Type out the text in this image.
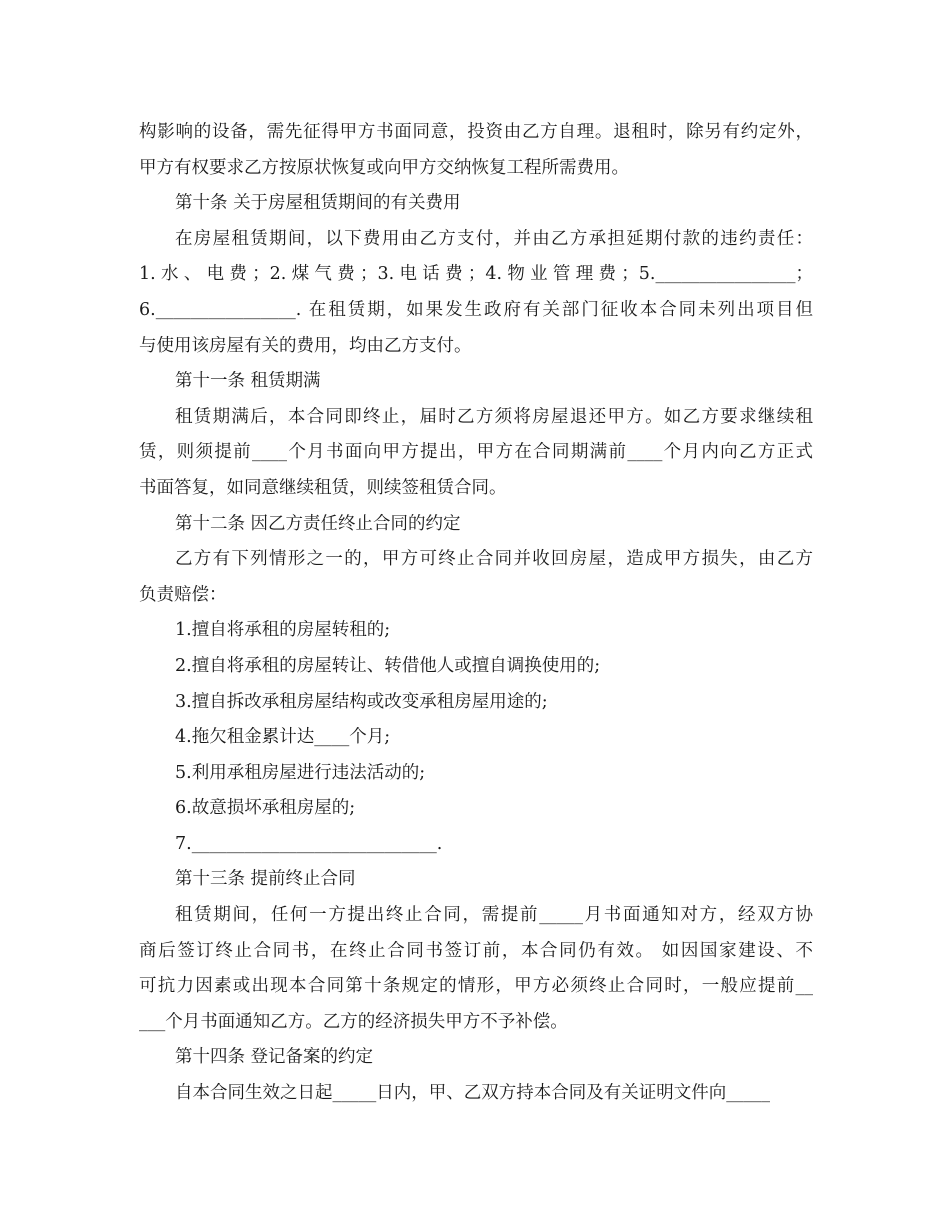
构影响的设备，需先征得甲方书面同意，投资由乙方自理。退租时，除另有约定外，
甲方有权要求乙方按原状恢复或向甲方交纳恢复工程所需费用。
第十条 关于房屋租赁期间的有关费用
在房屋租赁期间，以下费用由乙方支付，并由乙方承担延期付款的违约责任：
1.水、电费；2.煤气费；3.电话费；4.物业管理费；5.________________；
6.________________. 在租赁期，如果发生政府有关部门征收本合同未列出项目但
与使用该房屋有关的费用，均由乙方支付。
第十一条 租赁期满
租赁期满后，本合同即终止，届时乙方须将房屋退还甲方。如乙方要求继续租
赁，则须提前____个月书面向甲方提出，甲方在合同期满前____个月内向乙方正式
书面答复，如同意继续租赁，则续签租赁合同。
第十二条 因乙方责任终止合同的约定
乙方有下列情形之一的，甲方可终止合同并收回房屋，造成甲方损失，由乙方
负责赔偿：
1.擅自将承租的房屋转租的;
2.擅自将承租的房屋转让、转借他人或擅自调换使用的;
3.擅自拆改承租房屋结构或改变承租房屋用途的;
4.拖欠租金累计达____个月;
5.利用承租房屋进行违法活动的;
6.故意损坏承租房屋的;
7.____________________________.
第十三条 提前终止合同
租赁期间，任何一方提出终止合同，需提前_____月书面通知对方，经双方协
商后签订终止合同书，在终止合同书签订前，本合同仍有效。 如因国家建设、不
可抗力因素或出现本合同第十条规定的情形，甲方必须终止合同时，一般应提前__
___个月书面通知乙方。乙方的经济损失甲方不予补偿。
第十四条 登记备案的约定
自本合同生效之日起_____日内，甲、乙双方持本合同及有关证明文件向_____
